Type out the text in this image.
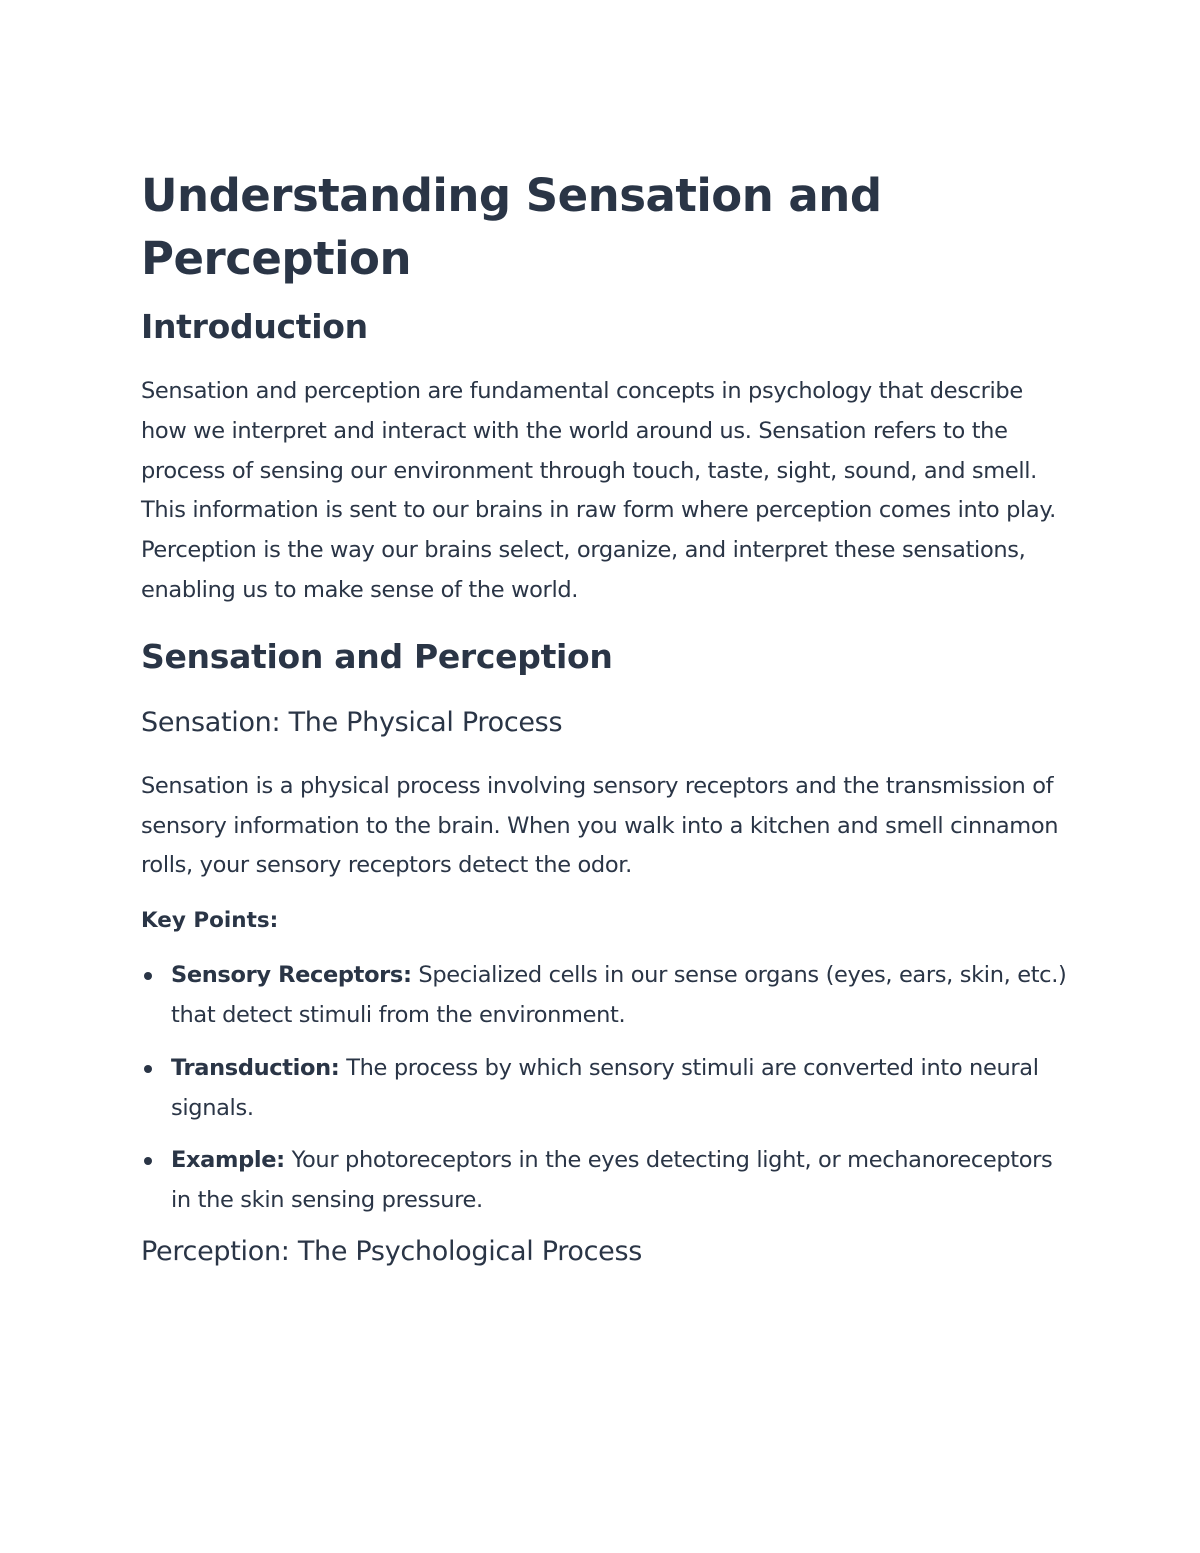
Understanding Sensation and Perception
Introduction

Sensation and perception are fundamental concepts in psychology that describe how we interpret and interact with the world around us. Sensation refers to the process of sensing our environment through touch, taste, sight, sound, and smell. This information is sent to our brains in raw form where perception comes into play. Perception is the way our brains select, organize, and interpret these sensations, enabling us to make sense of the world.

Sensation and Perception
Sensation: The Physical Process

Sensation is a physical process involving sensory receptors and the transmission of sensory information to the brain. When you walk into a kitchen and smell cinnamon rolls, your sensory receptors detect the odor.

Key Points:
Sensory Receptors: Specialized cells in our sense organs (eyes, ears, skin, etc.) that detect stimuli from the environment.
Transduction: The process by which sensory stimuli are converted into neural signals.
Example: Your photoreceptors in the eyes detecting light, or mechanoreceptors in the skin sensing pressure.
Perception: The Psychological Process
